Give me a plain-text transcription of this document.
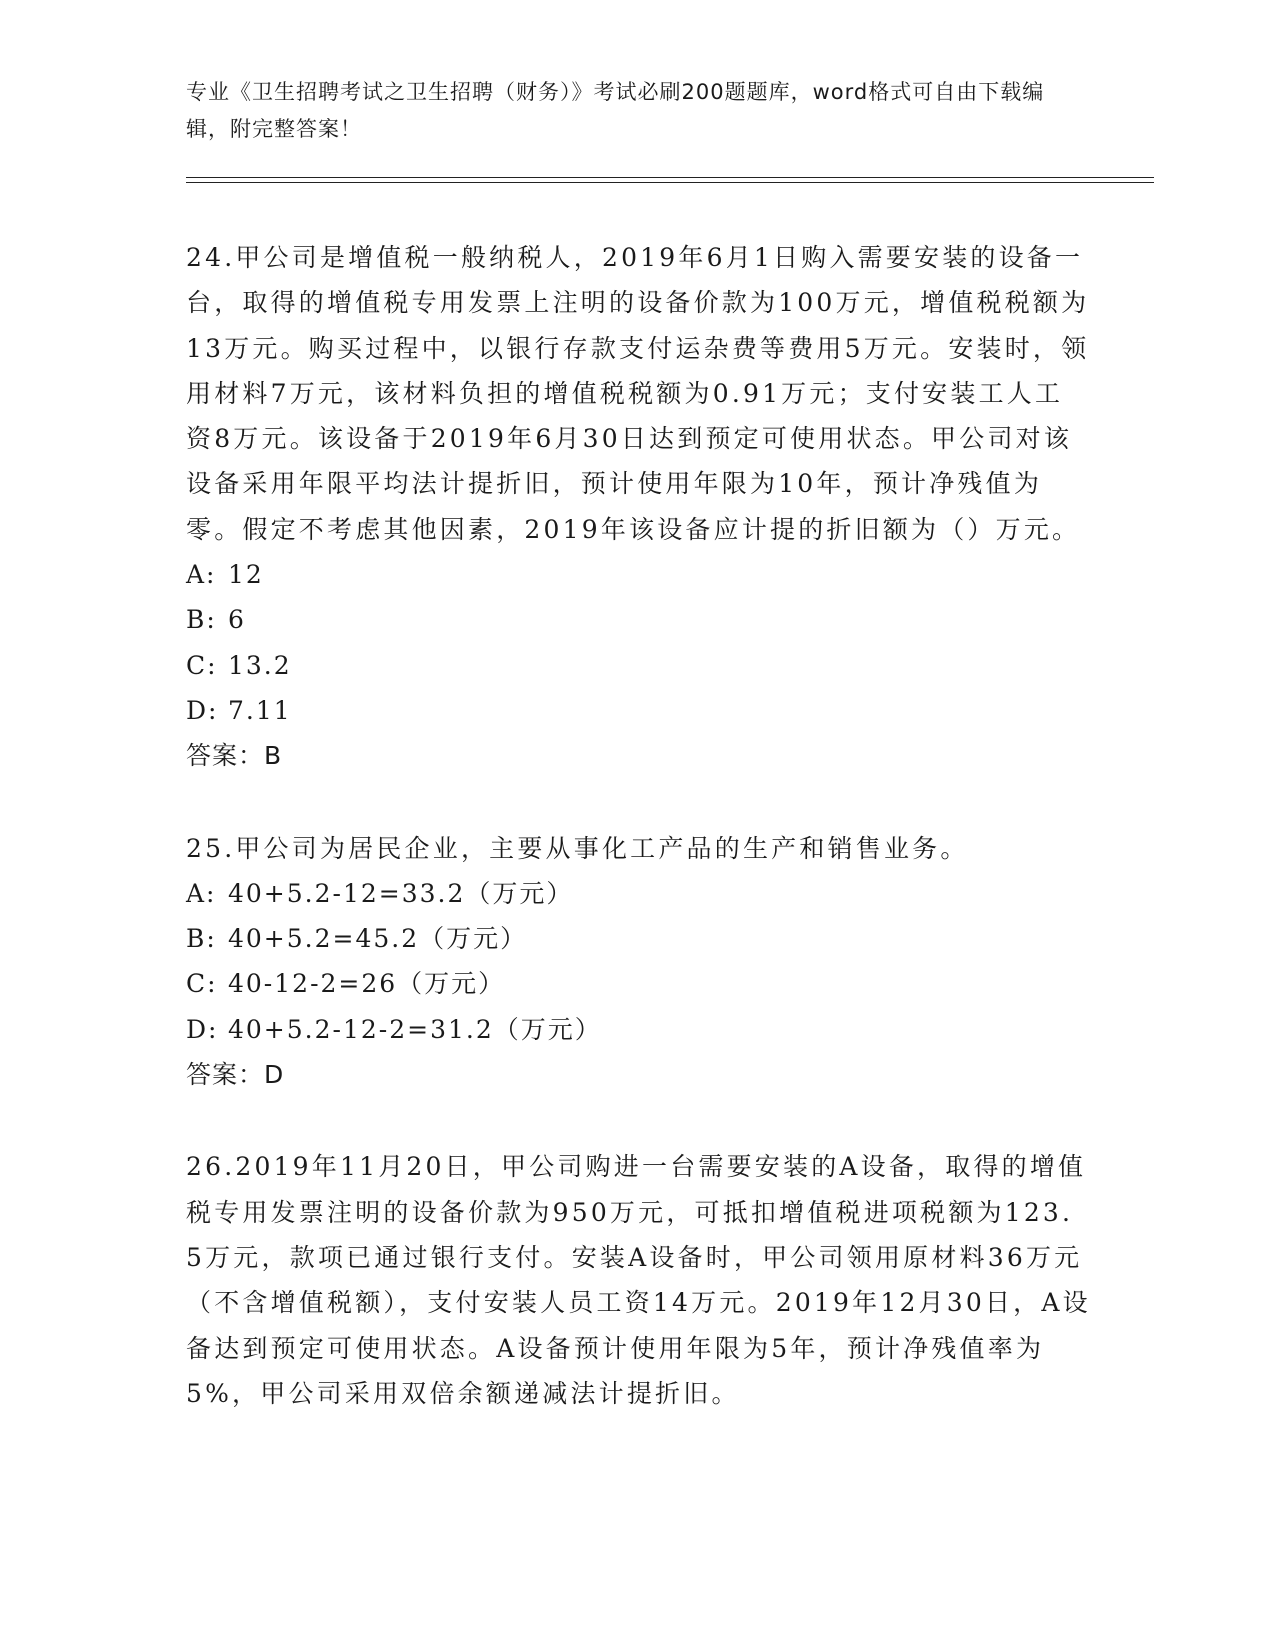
专业《卫生招聘考试之卫生招聘（财务）》考试必刷200题题库，word格式可自由下载编辑，附完整答案！

24.甲公司是增值税一般纳税人，2019年6月1日购入需要安装的设备一台，取得的增值税专用发票上注明的设备价款为100万元，增值税税额为13万元。购买过程中，以银行存款支付运杂费等费用5万元。安装时，领用材料7万元，该材料负担的增值税税额为0.91万元；支付安装工人工资8万元。该设备于2019年6月30日达到预定可使用状态。甲公司对该设备采用年限平均法计提折旧，预计使用年限为10年，预计净残值为零。假定不考虑其他因素，2019年该设备应计提的折旧额为（）万元。

A: 12

B: 6

C: 13.2

D: 7.11

答案：B

25.甲公司为居民企业，主要从事化工产品的生产和销售业务。

A: 40+5.2-12=33.2（万元）

B: 40+5.2=45.2（万元）

C: 40-12-2=26（万元）

D: 40+5.2-12-2=31.2（万元）

答案：D

26.2019年11月20日，甲公司购进一台需要安装的A设备，取得的增值税专用发票注明的设备价款为950万元，可抵扣增值税进项税额为123.5万元，款项已通过银行支付。安装A设备时，甲公司领用原材料36万元（不含增值税额），支付安装人员工资14万元。2019年12月30日，A设备达到预定可使用状态。A设备预计使用年限为5年，预计净残值率为5%，甲公司采用双倍余额递减法计提折旧。
